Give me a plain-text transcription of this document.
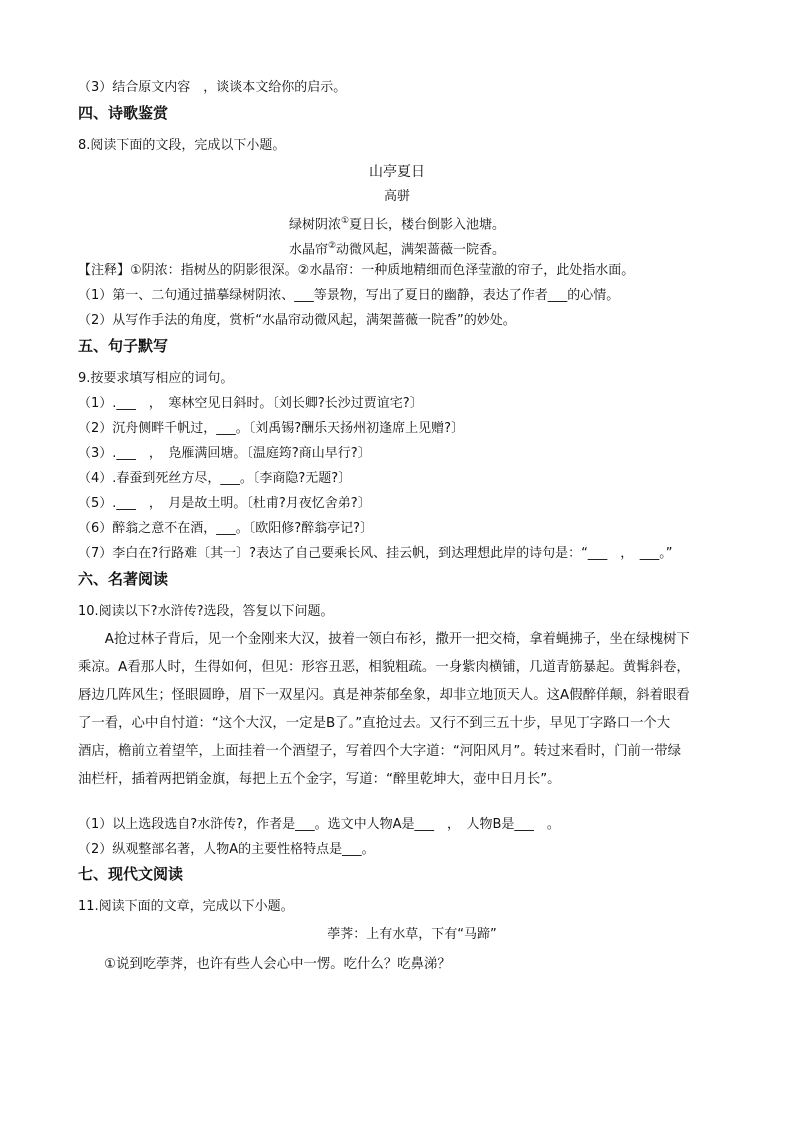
（3）结合原文内容　，谈谈本文给你的启示。
四、诗歌鉴赏
8.阅读下面的文段，完成以下小题。
山亭夏日
高骈
绿树阴浓①夏日长，楼台倒影入池塘。
水晶帘②动微风起，满架蔷薇一院香。
【注释】①阴浓：指树丛的阴影很深。②水晶帘：一种质地精细而色泽莹澈的帘子，此处指水面。
（1）第一、二句通过描摹绿树阴浓、___等景物，写出了夏日的幽静，表达了作者___的心情。
（2）从写作手法的角度，赏析“水晶帘动微风起，满架蔷薇一院香”的妙处。
五、句子默写
9.按要求填写相应的词句。
（1）.___　，　寒林空见日斜时。〔刘长卿?长沙过贾谊宅?〕
（2）沉舟侧畔千帆过，___。〔刘禹锡?酬乐天扬州初逢席上见赠?〕
（3）.___　，　凫雁满回塘。〔温庭筠?商山早行?〕
（4）.春蚕到死丝方尽，___。〔李商隐?无题?〕
（5）.___　，　月是故土明。〔杜甫?月夜忆舍弟?〕
（6）醉翁之意不在酒，___。〔欧阳修?醉翁亭记?〕
（7）李白在?行路难〔其一〕?表达了自己要乘长风、挂云帆，到达理想此岸的诗句是：“___　，　___。”
六、名著阅读
10.阅读以下?水浒传?选段，答复以下问题。
A抢过林子背后，见一个金刚来大汉，披着一领白布衫，撒开一把交椅，拿着蝇拂子，坐在绿槐树下
乘凉。A看那人时，生得如何，但见：形容丑恶，相貌粗疏。一身紫肉横铺，几道青筋暴起。黄髯斜卷，
唇边几阵风生；怪眼圆睁，眉下一双星闪。真是神荼郁垒象，却非立地顶天人。这A假醉佯颠，斜着眼看
了一看，心中自忖道：“这个大汉，一定是B了。”直抢过去。又行不到三五十步，早见丁字路口一个大
酒店，檐前立着望竿，上面挂着一个酒望子，写着四个大字道：“河阳风月”。转过来看时，门前一带绿
油栏杆，插着两把销金旗，每把上五个金字，写道：“醉里乾坤大，壶中日月长”。
（1）以上选段选自?水浒传?，作者是___。选文中人物A是___　，　人物B是___　。
（2）纵观整部名著，人物A的主要性格特点是___。
七、现代文阅读
11.阅读下面的文章，完成以下小题。
荸荠：上有水草，下有“马蹄”
①说到吃荸荠，也许有些人会心中一愣。吃什么？吃鼻涕？
